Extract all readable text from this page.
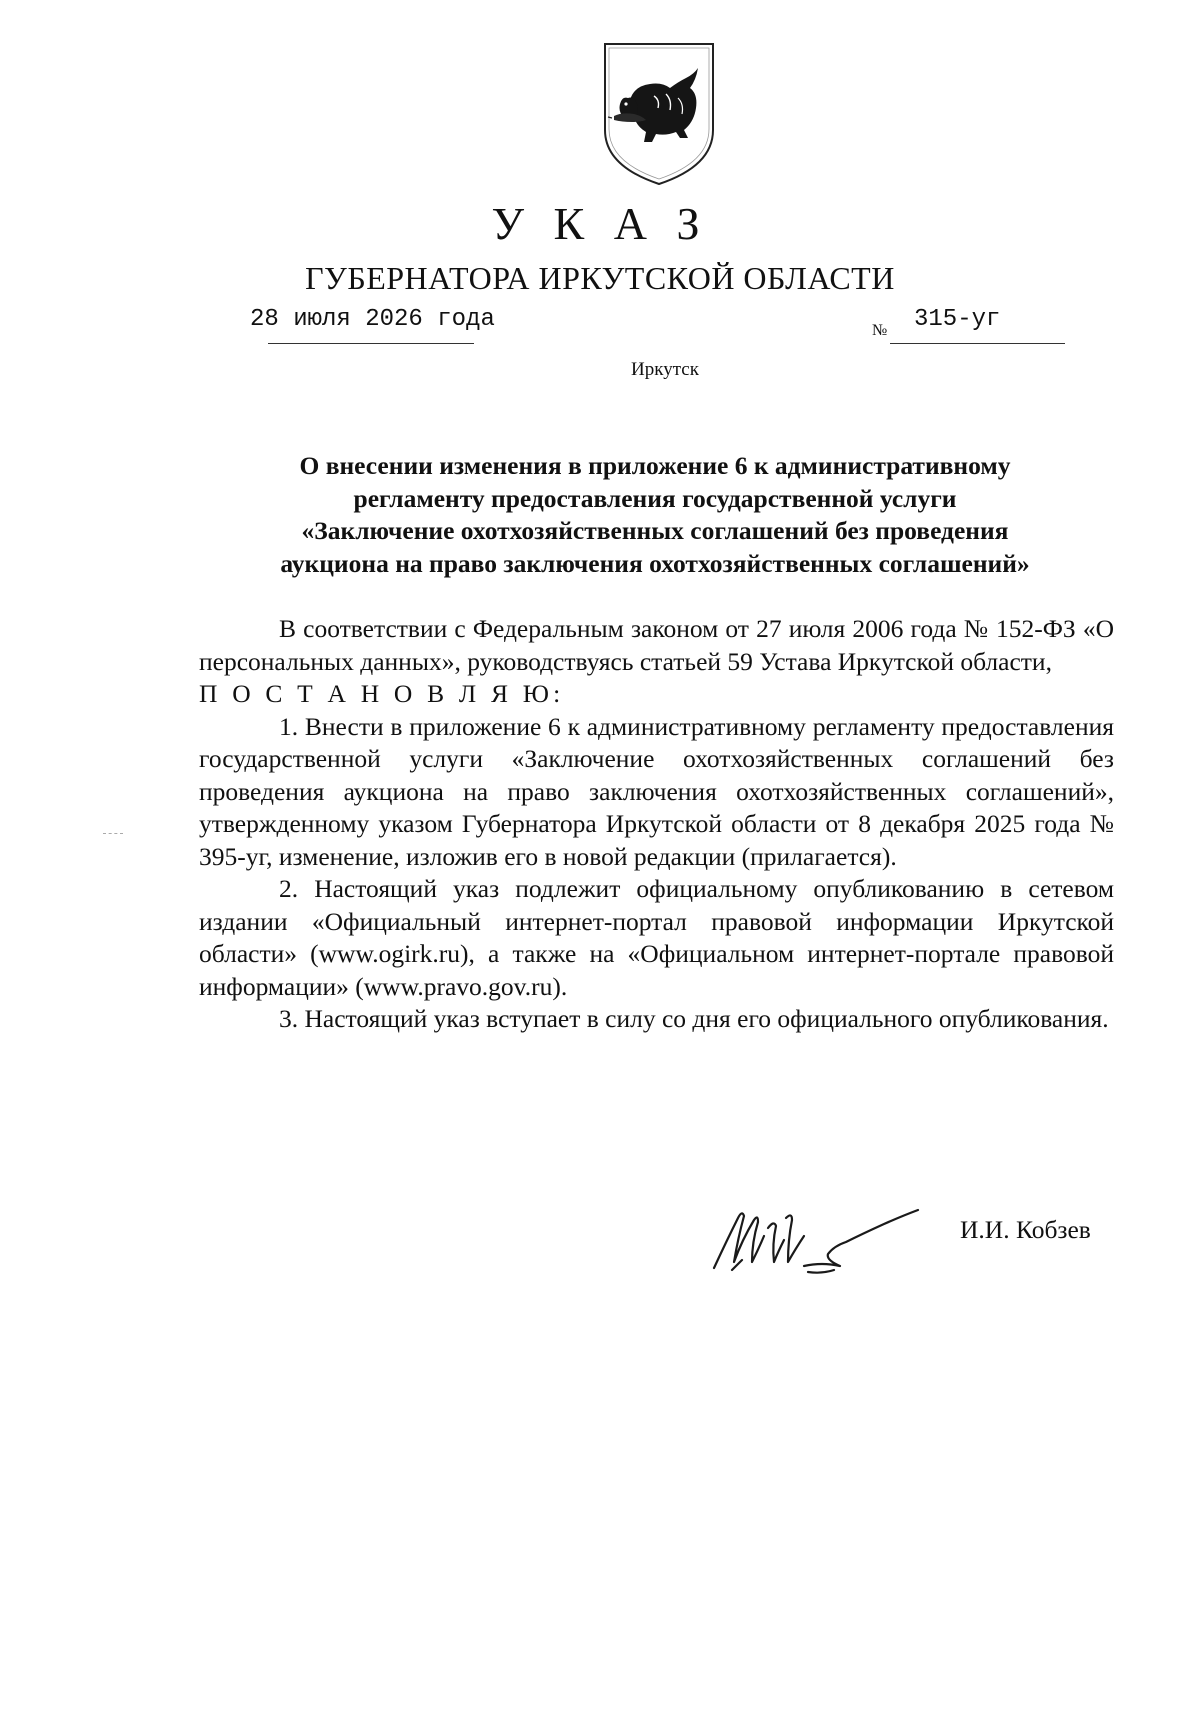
У К А З
ГУБЕРНАТОРА ИРКУТСКОЙ ОБЛАСТИ
28 июля 2026 года	№ 315-уг
Иркутск
О внесении изменения в приложение 6 к административному
регламенту предоставления государственной услуги
«Заключение охотхозяйственных соглашений без проведения
аукциона на право заключения охотхозяйственных соглашений»

В соответствии с Федеральным законом от 27 июля 2006 года № 152-ФЗ «О персональных данных», руководствуясь статьей 59 Устава Иркутской области,

П О С Т А Н О В Л Я Ю:

1. Внести в приложение 6 к административному регламенту предоставления государственной услуги «Заключение охотхозяйственных соглашений без проведения аукциона на право заключения охотхозяйственных соглашений», утвержденному указом Губернатора Иркутской области от 8 декабря 2025 года № 395-уг, изменение, изложив его в новой редакции (прилагается).

2. Настоящий указ подлежит официальному опубликованию в сетевом издании «Официальный интернет-портал правовой информации Иркутской области» (www.ogirk.ru), а также на «Официальном интернет-портале правовой информации» (www.pravo.gov.ru).

3. Настоящий указ вступает в силу со дня его официального опубликования.

И.И. Кобзев
